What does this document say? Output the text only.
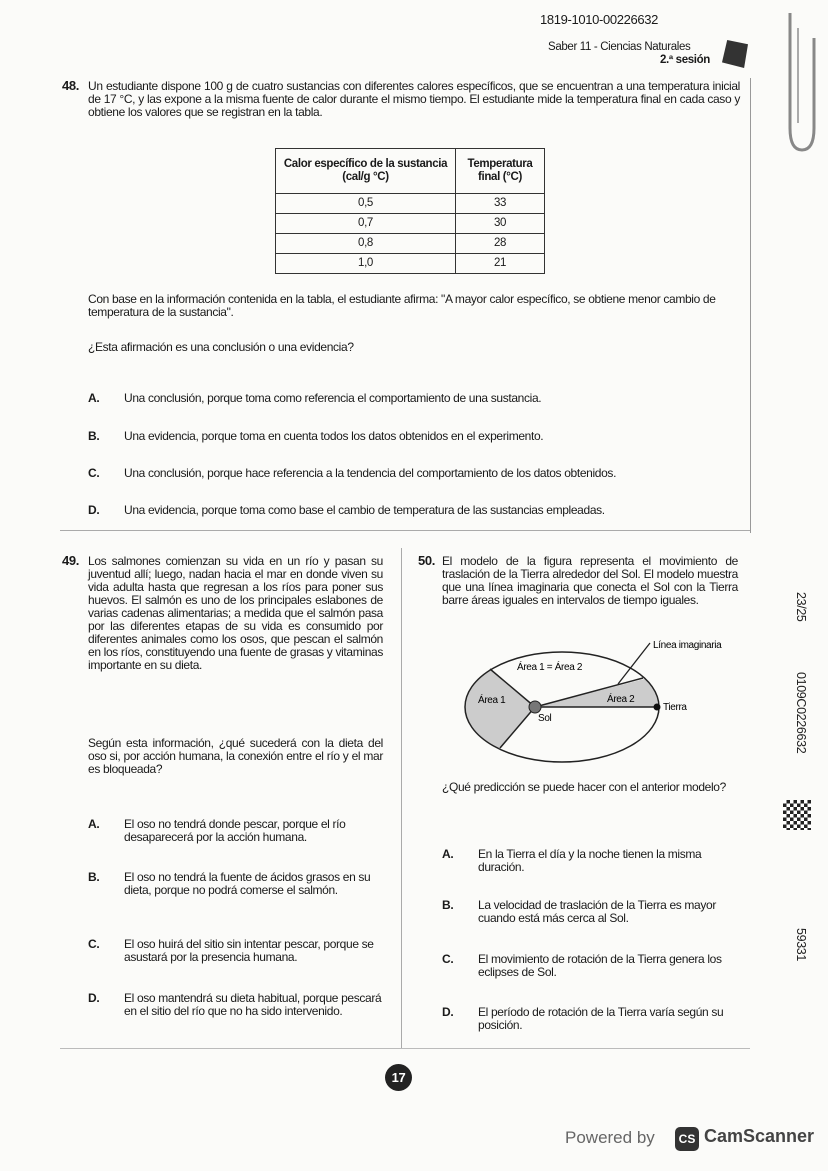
1819-1010-00226632
Saber 11 - Ciencias Naturales
2.ª sesión
48. Un estudiante dispone 100 g de cuatro sustancias con diferentes calores específicos, que se encuentran a una temperatura inicial de 17 °C, y las expone a la misma fuente de calor durante el mismo tiempo. El estudiante mide la temperatura final en cada caso y obtiene los valores que se registran en la tabla.
Calor específico de la sustancia (cal/g °C)	Temperatura final (°C)
0,5	33
0,7	30
0,8	28
1,0	21
Con base en la información contenida en la tabla, el estudiante afirma: "A mayor calor específico, se obtiene menor cambio de temperatura de la sustancia".
¿Esta afirmación es una conclusión o una evidencia?
A.	Una conclusión, porque toma como referencia el comportamiento de una sustancia.
B.	Una evidencia, porque toma en cuenta todos los datos obtenidos en el experimento.
C.	Una conclusión, porque hace referencia a la tendencia del comportamiento de los datos obtenidos.
D.	Una evidencia, porque toma como base el cambio de temperatura de las sustancias empleadas.
49. Los salmones comienzan su vida en un río y pasan su juventud allí; luego, nadan hacia el mar en donde viven su vida adulta hasta que regresan a los ríos para poner sus huevos. El salmón es uno de los principales eslabones de varias cadenas alimentarias; a medida que el salmón pasa por las diferentes etapas de su vida es consumido por diferentes animales como los osos, que pescan el salmón en los ríos, constituyendo una fuente de grasas y vitaminas importante en su dieta.
Según esta información, ¿qué sucederá con la dieta del oso si, por acción humana, la conexión entre el río y el mar es bloqueada?
A.	El oso no tendrá donde pescar, porque el río desaparecerá por la acción humana.
B.	El oso no tendrá la fuente de ácidos grasos en su dieta, porque no podrá comerse el salmón.
C.	El oso huirá del sitio sin intentar pescar, porque se asustará por la presencia humana.
D.	El oso mantendrá su dieta habitual, porque pescará en el sitio del río que no ha sido intervenido.
50. El modelo de la figura representa el movimiento de traslación de la Tierra alrededor del Sol. El modelo muestra que una línea imaginaria que conecta el Sol con la Tierra barre áreas iguales en intervalos de tiempo iguales.
Línea imaginaria
Área 1 = Área 2
Área 1	Área 2
Sol
Tierra
¿Qué predicción se puede hacer con el anterior modelo?
A.	En la Tierra el día y la noche tienen la misma duración.
B.	La velocidad de traslación de la Tierra es mayor cuando está más cerca al Sol.
C.	El movimiento de rotación de la Tierra genera los eclipses de Sol.
D.	El período de rotación de la Tierra varía según su posición.
23/25
0109C0226632
59331
17
Powered by	CS CamScanner
